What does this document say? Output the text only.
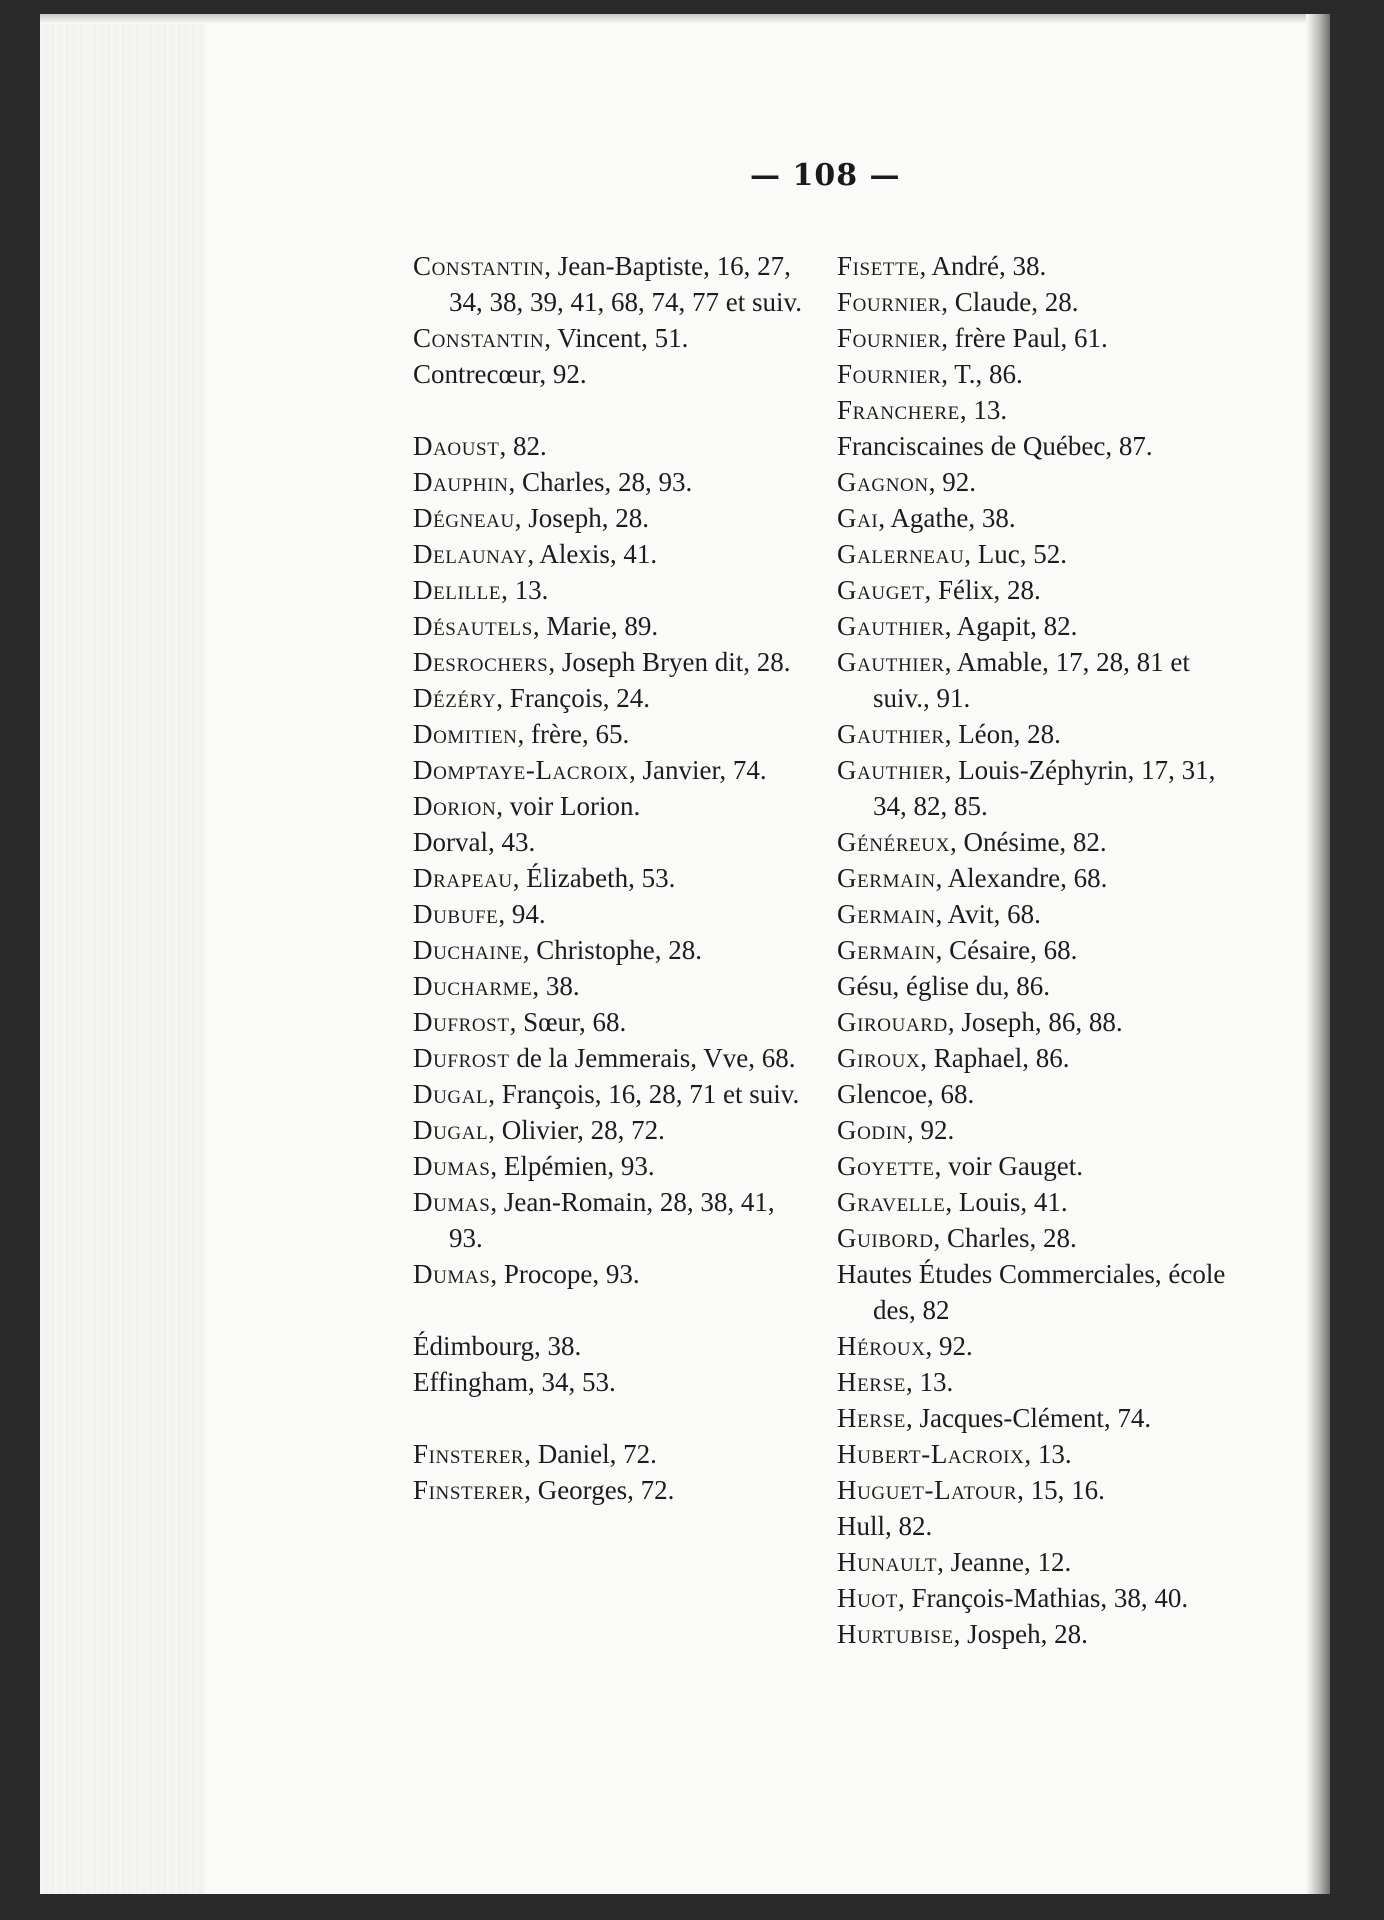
— 108 —

Constantin, Jean-Baptiste, 16, 27, 34, 38, 39, 41, 68, 74, 77 et suiv.

Constantin, Vincent, 51.

Contrecœur, 92.

Daoust, 82.

Dauphin, Charles, 28, 93.

Dégneau, Joseph, 28.

Delaunay, Alexis, 41.

Delille, 13.

Désautels, Marie, 89.

Desrochers, Joseph Bryen dit, 28.

Dézéry, François, 24.

Domitien, frère, 65.

Domptaye-Lacroix, Janvier, 74.

Dorion, voir Lorion.

Dorval, 43.

Drapeau, Élizabeth, 53.

Dubufe, 94.

Duchaine, Christophe, 28.

Ducharme, 38.

Dufrost, Sœur, 68.

Dufrost de la Jemmerais, Vve, 68.

Dugal, François, 16, 28, 71 et suiv.

Dugal, Olivier, 28, 72.

Dumas, Elpémien, 93.

Dumas, Jean-Romain, 28, 38, 41, 93.

Dumas, Procope, 93.

Édimbourg, 38.

Effingham, 34, 53.

Finsterer, Daniel, 72.

Finsterer, Georges, 72.

Fisette, André, 38.

Fournier, Claude, 28.

Fournier, frère Paul, 61.

Fournier, T., 86.

Franchere, 13.

Franciscaines de Québec, 87.

Gagnon, 92.

Gai, Agathe, 38.

Galerneau, Luc, 52.

Gauget, Félix, 28.

Gauthier, Agapit, 82.

Gauthier, Amable, 17, 28, 81 et suiv., 91.

Gauthier, Léon, 28.

Gauthier, Louis-Zéphyrin, 17, 31, 34, 82, 85.

Généreux, Onésime, 82.

Germain, Alexandre, 68.

Germain, Avit, 68.

Germain, Césaire, 68.

Gésu, église du, 86.

Girouard, Joseph, 86, 88.

Giroux, Raphael, 86.

Glencoe, 68.

Godin, 92.

Goyette, voir Gauget.

Gravelle, Louis, 41.

Guibord, Charles, 28.

Hautes Études Commerciales, école des, 82

Héroux, 92.

Herse, 13.

Herse, Jacques-Clément, 74.

Hubert-Lacroix, 13.

Huguet-Latour, 15, 16.

Hull, 82.

Hunault, Jeanne, 12.

Huot, François-Mathias, 38, 40.

Hurtubise, Jospeh, 28.
